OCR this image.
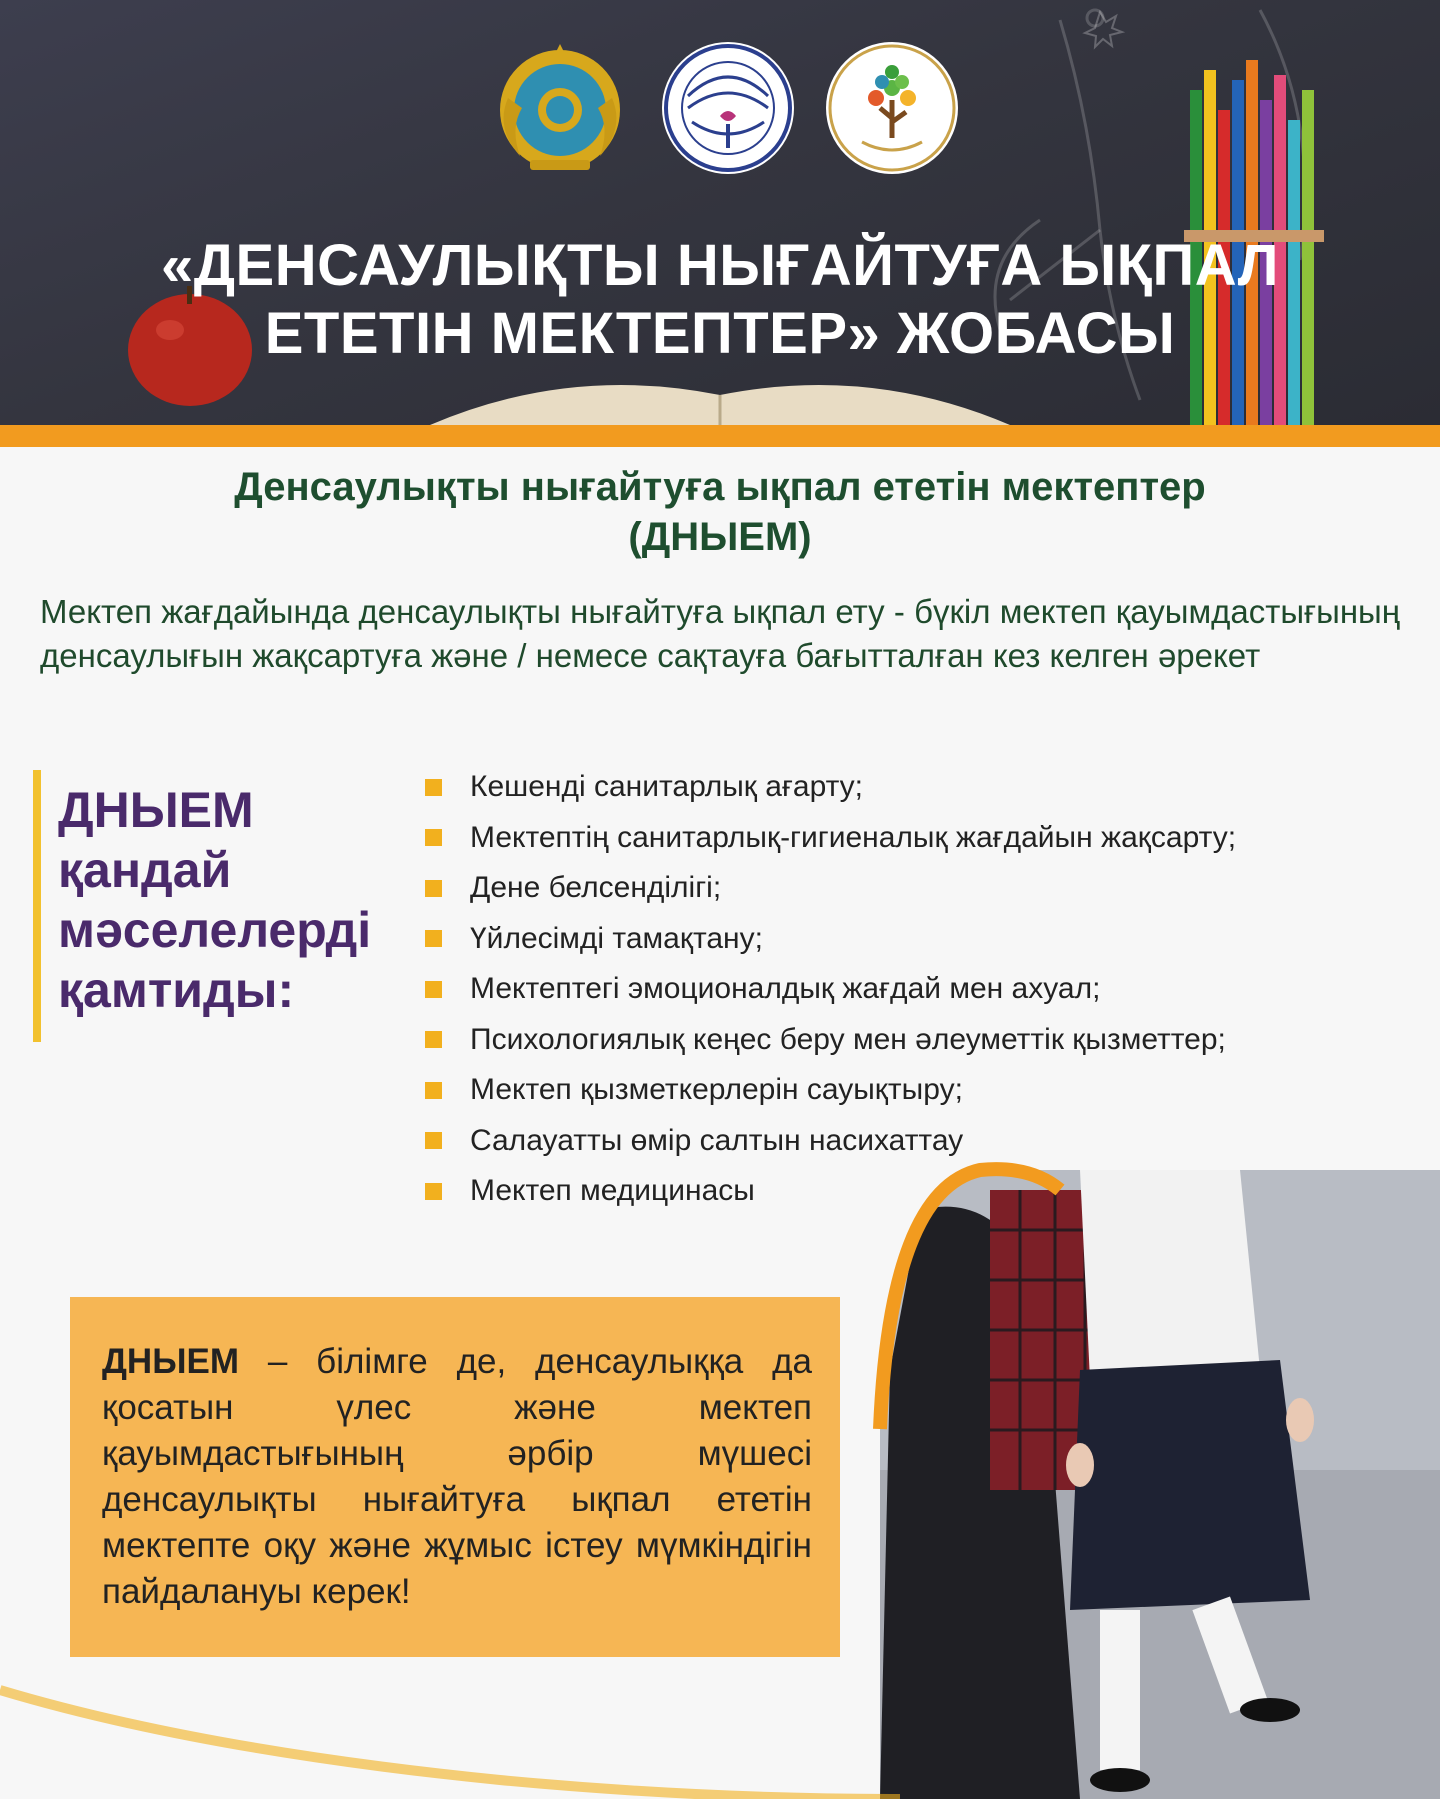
«ДЕНСАУЛЫҚТЫ НЫҒАЙТУҒА ЫҚПАЛ
ЕТЕТІН МЕКТЕПТЕР» ЖОБАСЫ
Денсаулықты нығайтуға ықпал ететін мектептер
(ДНЫЕМ)

Мектеп жағдайында денсаулықты нығайтуға ықпал ету - бүкіл мектеп қауымдастығының денсаулығын жақсартуға және / немесе сақтауға бағытталған кез келген әрекет

ДНЫЕМ
қандай
мәселелерді
қамтиды:
Кешенді санитарлық ағарту;
Мектептің санитарлық-гигиеналық жағдайын жақсарту;
Дене белсенділігі;
Үйлесімді тамақтану;
Мектептегі эмоционалдық жағдай мен ахуал;
Психологиялық кеңес беру мен әлеуметтік қызметтер;
Мектеп қызметкерлерін сауықтыру;
Салауатты өмір салтын насихаттау
Мектеп медицинасы

ДНЫЕМ – білімге де, денсаулыққа да қосатын үлес және мектеп қауымдастығының әрбір мүшесі денсаулықты нығайтуға ықпал ететін мектепте оқу және жұмыс істеу мүмкіндігін пайдалануы керек!
